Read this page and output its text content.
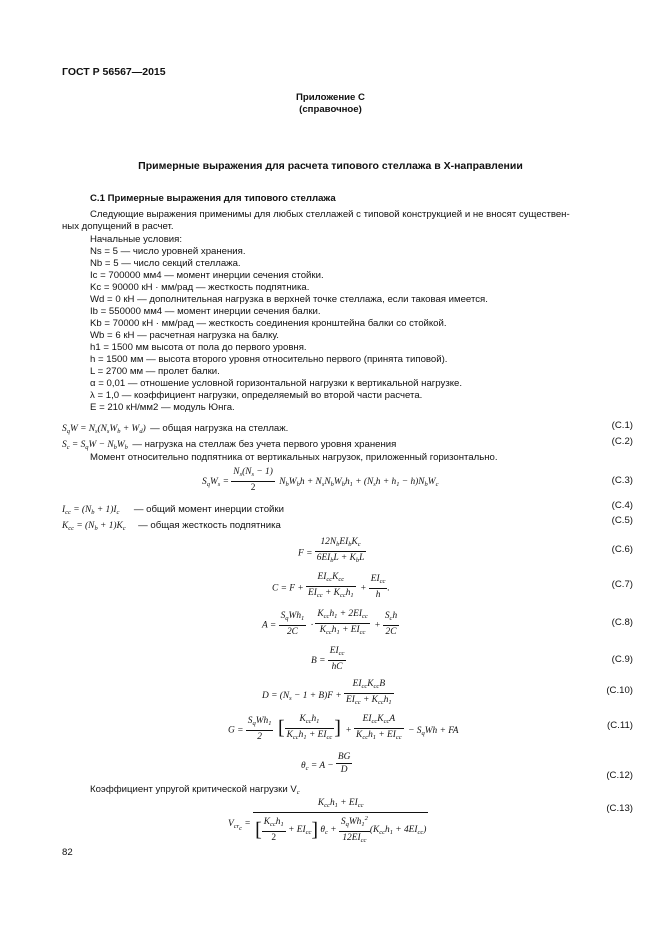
ГОСТ Р 56567—2015
Приложение С
(справочное)
Примерные выражения для расчета типового стеллажа в X-направлении
С.1 Примерные выражения для типового стеллажа
Следующие выражения применимы для любых стеллажей с типовой конструкцией и не вносят существен-
ных допущений в расчет.
Начальные условия:
Ns = 5 — число уровней хранения.
Nb = 5 — число секций стеллажа.
Ic = 700000 мм4 — момент инерции сечения стойки.
Kc = 90000 кН · мм/рад — жесткость подпятника.
Wd = 0 кН — дополнительная нагрузка в верхней точке стеллажа, если таковая имеется.
Ib = 550000 мм4 — момент инерции сечения балки.
Kb = 70000 кН · мм/рад — жесткость соединения кронштейна балки со стойкой.
Wb = 6 кН — расчетная нагрузка на балку.
h1 = 1500 мм высота от пола до первого уровня.
h = 1500 мм — высота второго уровня относительно первого (принята типовой).
L = 2700 мм — пролет балки.
α = 0,01 — отношение условной горизонтальной нагрузки к вертикальной нагрузке.
λ = 1,0 — коэффициент нагрузки, определяемый во второй части расчета.
E = 210 кН/мм2 — модуль Юнга.
$S_qW = N_s(N_sW_b + W_d)$ — общая нагрузка на стеллаж.	(С.1)
$S_c = S_qW - N_bW_b$ — нагрузка на стеллаж без учета первого уровня хранения	(С.2)
Момент относительно подпятника от вертикальных нагрузок, приложенный горизонтально.
$S_qW_s = \frac{N_s(N_s - 1)}{2} N_bW_bh + N_sN_bW_bh_1 + (N_sh + h_1 - h)N_bW_c$	(С.3)
$I_{cc} = (N_b + 1)I_c$ — общий момент инерции стойки	(С.4)
$K_{cc} = (N_b + 1)K_c$ — общая жесткость подпятника	(С.5)
$F = \frac{12N_bEI_bK_c}{6EI_bL + K_bL}$	(С.6)
$C = F + \frac{EI_{cc}K_{cc}}{EI_{cc} + K_{cc}h_1} + \frac{EI_{cc}}{h}$ .	(С.7)
$A = \frac{S_qWh_1}{2C} \cdot \frac{K_{cc}h_1 + 2EI_{cc}}{K_{cc}h_1 + EI_{cc}} + \frac{S_ch}{2C}$	(С.8)
$B = \frac{EI_{cc}}{hC}$	(С.9)
$D = (N_s - 1 + B)F + \frac{EI_{cc}K_{cc}B}{EI_{cc} + K_{cc}h_1}$	(С.10)
$G = \frac{S_qWh_1}{2}$ [ $\frac{K_{cc}h_1}{K_{cc}h_1 + EI_{cc}}$ ] + $\frac{EI_{cc}K_{cc}A}{K_{cc}h_1 + EI_{cc}} - S_qWh$ + FA	(С.11)
$\theta_c = A - \frac{BG}{D}$	(С.12)
Коэффициент упругой критической нагрузки $V_c$
$V_{cr_c} = \frac{K_{cc}h_1 + EI_{cc}}{[ \frac{K_{cc}h_1}{2} + EI_{cc}] \theta_c + \frac{S_qWh_1^2}{12EI_{cc}} (K_{cc}h_1 + 4EI_{cc})}$	(С.13)
82
